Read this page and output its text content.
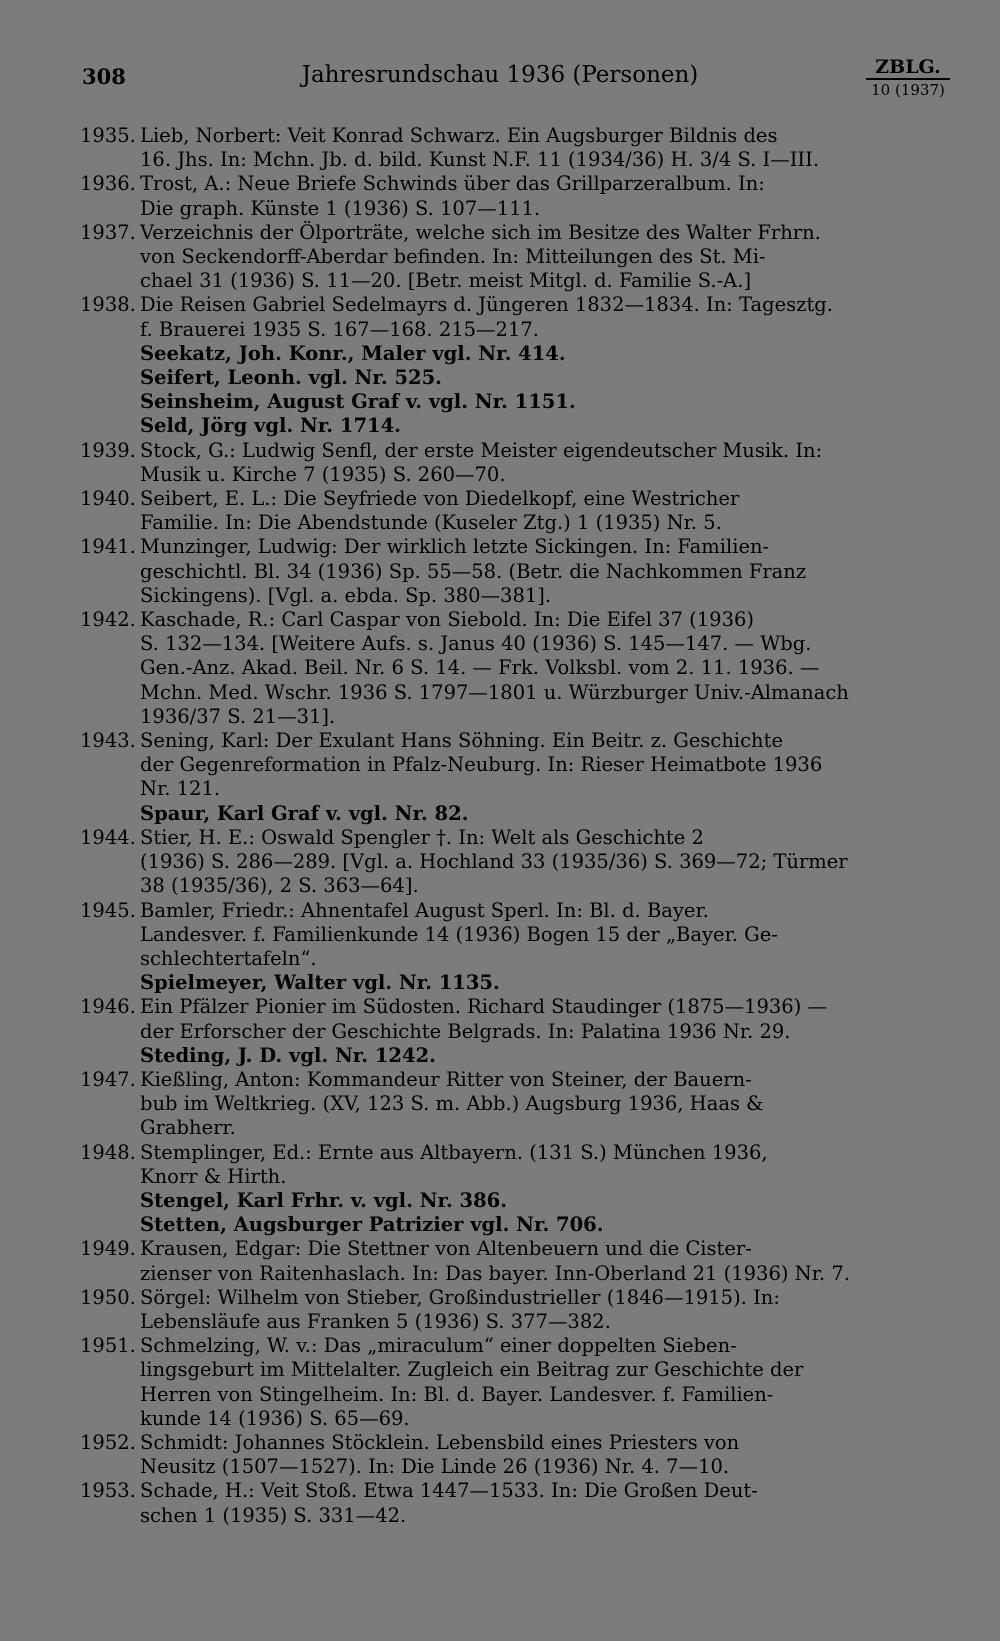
308	Jahresrundschau 1936 (Personen)	ZBLG.
10 (1937)
1935. Lieb, Norbert: Veit Konrad Schwarz. Ein Augsburger Bildnis des
16. Jhs. In: Mchn. Jb. d. bild. Kunst N.F. 11 (1934/36) H. 3/4 S. I—III.
1936. Trost, A.: Neue Briefe Schwinds über das Grillparzeralbum. In:
Die graph. Künste 1 (1936) S. 107—111.
1937. Verzeichnis der Ölporträte, welche sich im Besitze des Walter Frhrn.
von Seckendorff-Aberdar befinden. In: Mitteilungen des St. Mi-
chael 31 (1936) S. 11—20. [Betr. meist Mitgl. d. Familie S.-A.]
1938. Die Reisen Gabriel Sedelmayrs d. Jüngeren 1832—1834. In: Tagesztg.
f. Brauerei 1935 S. 167—168. 215—217.
Seekatz, Joh. Konr., Maler vgl. Nr. 414.
Seifert, Leonh. vgl. Nr. 525.
Seinsheim, August Graf v. vgl. Nr. 1151.
Seld, Jörg vgl. Nr. 1714.
1939. Stock, G.: Ludwig Senfl, der erste Meister eigendeutscher Musik. In:
Musik u. Kirche 7 (1935) S. 260—70.
1940. Seibert, E. L.: Die Seyfriede von Diedelkopf, eine Westricher
Familie. In: Die Abendstunde (Kuseler Ztg.) 1 (1935) Nr. 5.
1941. Munzinger, Ludwig: Der wirklich letzte Sickingen. In: Familien-
geschichtl. Bl. 34 (1936) Sp. 55—58. (Betr. die Nachkommen Franz
Sickingens). [Vgl. a. ebda. Sp. 380—381].
1942. Kaschade, R.: Carl Caspar von Siebold. In: Die Eifel 37 (1936)
S. 132—134. [Weitere Aufs. s. Janus 40 (1936) S. 145—147. — Wbg.
Gen.-Anz. Akad. Beil. Nr. 6 S. 14. — Frk. Volksbl. vom 2. 11. 1936. —
Mchn. Med. Wschr. 1936 S. 1797—1801 u. Würzburger Univ.-Almanach
1936/37 S. 21—31].
1943. Sening, Karl: Der Exulant Hans Söhning. Ein Beitr. z. Geschichte
der Gegenreformation in Pfalz-Neuburg. In: Rieser Heimatbote 1936
Nr. 121.
Spaur, Karl Graf v. vgl. Nr. 82.
1944. Stier, H. E.: Oswald Spengler †. In: Welt als Geschichte 2
(1936) S. 286—289. [Vgl. a. Hochland 33 (1935/36) S. 369—72; Türmer
38 (1935/36), 2 S. 363—64].
1945. Bamler, Friedr.: Ahnentafel August Sperl. In: Bl. d. Bayer.
Landesver. f. Familienkunde 14 (1936) Bogen 15 der „Bayer. Ge-
schlechtertafeln“.
Spielmeyer, Walter vgl. Nr. 1135.
1946. Ein Pfälzer Pionier im Südosten. Richard Staudinger (1875—1936) —
der Erforscher der Geschichte Belgrads. In: Palatina 1936 Nr. 29.
Steding, J. D. vgl. Nr. 1242.
1947. Kießling, Anton: Kommandeur Ritter von Steiner, der Bauern-
bub im Weltkrieg. (XV, 123 S. m. Abb.) Augsburg 1936, Haas &
Grabherr.
1948. Stemplinger, Ed.: Ernte aus Altbayern. (131 S.) München 1936,
Knorr & Hirth.
Stengel, Karl Frhr. v. vgl. Nr. 386.
Stetten, Augsburger Patrizier vgl. Nr. 706.
1949. Krausen, Edgar: Die Stettner von Altenbeuern und die Cister-
zienser von Raitenhaslach. In: Das bayer. Inn-Oberland 21 (1936) Nr. 7.
1950. Sörgel: Wilhelm von Stieber, Großindustrieller (1846—1915). In:
Lebensläufe aus Franken 5 (1936) S. 377—382.
1951. Schmelzing, W. v.: Das „miraculum“ einer doppelten Sieben-
lingsgeburt im Mittelalter. Zugleich ein Beitrag zur Geschichte der
Herren von Stingelheim. In: Bl. d. Bayer. Landesver. f. Familien-
kunde 14 (1936) S. 65—69.
1952. Schmidt: Johannes Stöcklein. Lebensbild eines Priesters von
Neusitz (1507—1527). In: Die Linde 26 (1936) Nr. 4. 7—10.
1953. Schade, H.: Veit Stoß. Etwa 1447—1533. In: Die Großen Deut-
schen 1 (1935) S. 331—42.
